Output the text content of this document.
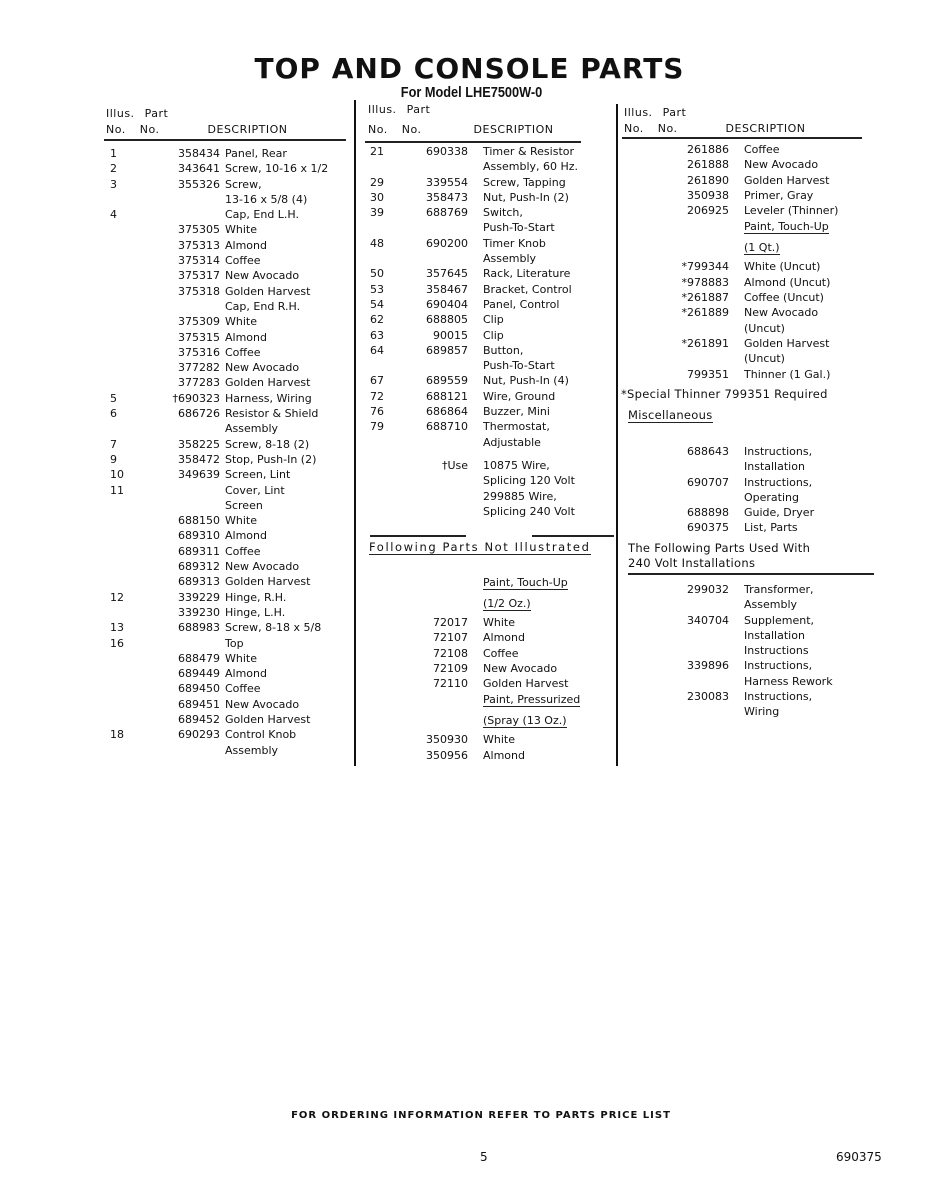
TOP AND CONSOLE PARTS
For Model LHE7500W-0
Illus. Part
No. No.	DESCRIPTION
Illus. Part
No. No.	DESCRIPTION
Illus. Part
No. No.	DESCRIPTION
1	358434 Panel, Rear
2	343641 Screw, 10-16 x 1/2
3	355326 Screw,
13-16 x 5/8 (4)
4	Cap, End L.H.
375305 White
375313 Almond
375314 Coffee
375317 New Avocado
375318 Golden Harvest
Cap, End R.H.
375309 White
375315 Almond
375316 Coffee
377282 New Avocado
377283 Golden Harvest
5	†690323 Harness, Wiring
6	686726 Resistor & Shield
Assembly
7	358225 Screw, 8-18 (2)
9	358472 Stop, Push-In (2)
10	349639 Screen, Lint
11	Cover, Lint
Screen
688150 White
689310 Almond
689311 Coffee
689312 New Avocado
689313 Golden Harvest
12	339229 Hinge, R.H.
339230 Hinge, L.H.
13	688983 Screw, 8-18 x 5/8
16	Top
688479 White
689449 Almond
689450 Coffee
689451 New Avocado
689452 Golden Harvest
18	690293 Control Knob
Assembly
21	690338 Timer & Resistor
Assembly, 60 Hz.
29	339554 Screw, Tapping
30	358473 Nut, Push-In (2)
39	688769 Switch,
Push-To-Start
48	690200 Timer Knob
Assembly
50	357645 Rack, Literature
53	358467 Bracket, Control
54	690404 Panel, Control
62	688805 Clip
63	90015 Clip
64	689857 Button,
Push-To-Start
67	689559 Nut, Push-In (4)
72	688121 Wire, Ground
76	686864 Buzzer, Mini
79	688710 Thermostat,
Adjustable
†Use 10875 Wire,
Splicing 120 Volt
299885 Wire,
Splicing 240 Volt
Following Parts Not Illustrated
Paint, Touch-Up
(1/2 Oz.)
72017 White
72107 Almond
72108 Coffee
72109 New Avocado
72110 Golden Harvest
Paint, Pressurized
(Spray (13 Oz.)
350930 White
350956 Almond
261886 Coffee
261888 New Avocado
261890 Golden Harvest
350938 Primer, Gray
206925 Leveler (Thinner)
Paint, Touch-Up
(1 Qt.)
*799344 White (Uncut)
*978883 Almond (Uncut)
*261887 Coffee (Uncut)
*261889 New Avocado
(Uncut)
*261891 Golden Harvest
(Uncut)
799351 Thinner (1 Gal.)
*Special Thinner 799351 Required
Miscellaneous
688643 Instructions,
Installation
690707 Instructions,
Operating
688898 Guide, Dryer
690375 List, Parts
The Following Parts Used With
240 Volt Installations
299032 Transformer,
Assembly
340704 Supplement,
Installation
Instructions
339896 Instructions,
Harness Rework
230083 Instructions,
Wiring
FOR ORDERING INFORMATION REFER TO PARTS PRICE LIST
5	690375
